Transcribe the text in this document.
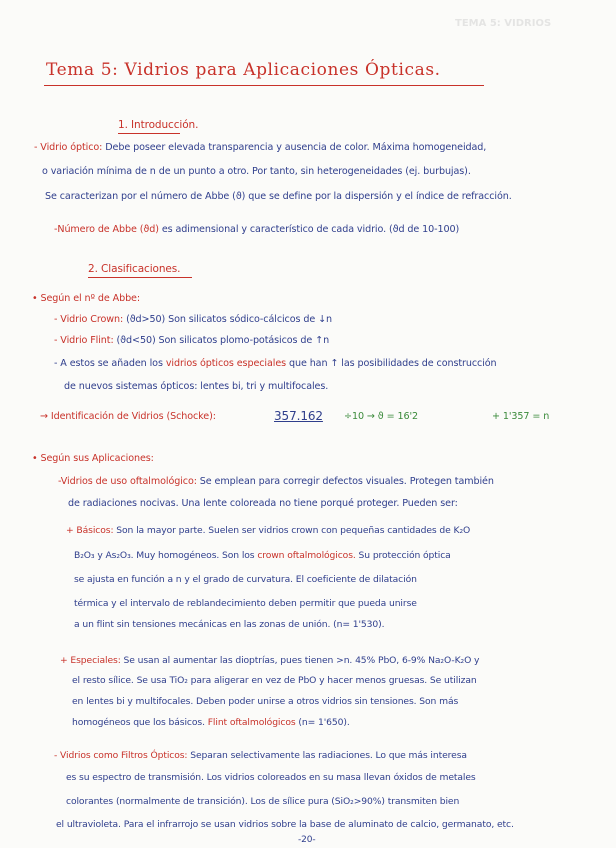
TEMA 5: VIDRIOS
Tema 5: Vidrios para Aplicaciones Ópticas.
1. Introducción.
- Vidrio óptico: Debe poseer elevada transparencia y ausencia de color. Máxima homogeneidad,
o variación mínima de n de un punto a otro. Por tanto, sin heterogeneidades (ej. burbujas).
Se caracterizan por el número de Abbe (ϑ) que se define por la dispersión y el índice de refracción.
-Número de Abbe (ϑd) es adimensional y característico de cada vidrio. (ϑd de 10-100)
2. Clasificaciones.
• Según el nº de Abbe:
- Vidrio Crown: (ϑd>50) Son silicatos sódico-cálcicos de ↓n
- Vidrio Flint: (ϑd<50) Son silicatos plomo-potásicos de ↑n
- A estos se añaden los vidrios ópticos especiales que han ↑ las posibilidades de construcción
de nuevos sistemas ópticos: lentes bi, tri y multifocales.
→ Identificación de Vidrios (Schocke):	357.162 ÷10 → ϑ = 16'2	+ 1'357 = n
• Según sus Aplicaciones:
-Vidrios de uso oftalmológico: Se emplean para corregir defectos visuales. Protegen también
de radiaciones nocivas. Una lente coloreada no tiene porqué proteger. Pueden ser:
+ Básicos: Son la mayor parte. Suelen ser vidrios crown con pequeñas cantidades de K₂O
B₂O₃ y As₂O₃. Muy homogéneos. Son los crown oftalmológicos. Su protección óptica
se ajusta en función a n y el grado de curvatura. El coeficiente de dilatación
térmica y el intervalo de reblandecimiento deben permitir que pueda unirse
a un flint sin tensiones mecánicas en las zonas de unión. (n= 1'530).
+ Especiales: Se usan al aumentar las dioptrías, pues tienen >n. 45% PbO, 6-9% Na₂O-K₂O y
el resto sílice. Se usa TiO₂ para aligerar en vez de PbO y hacer menos gruesas. Se utilizan
en lentes bi y multifocales. Deben poder unirse a otros vidrios sin tensiones. Son más
homogéneos que los básicos. Flint oftalmológicos (n= 1'650).
- Vidrios como Filtros Ópticos: Separan selectivamente las radiaciones. Lo que más interesa
es su espectro de transmisión. Los vidrios coloreados en su masa llevan óxidos de metales
colorantes (normalmente de transición). Los de sílice pura (SiO₂>90%) transmiten bien
el ultravioleta. Para el infrarrojo se usan vidrios sobre la base de aluminato de calcio, germanato, etc.
-20-
